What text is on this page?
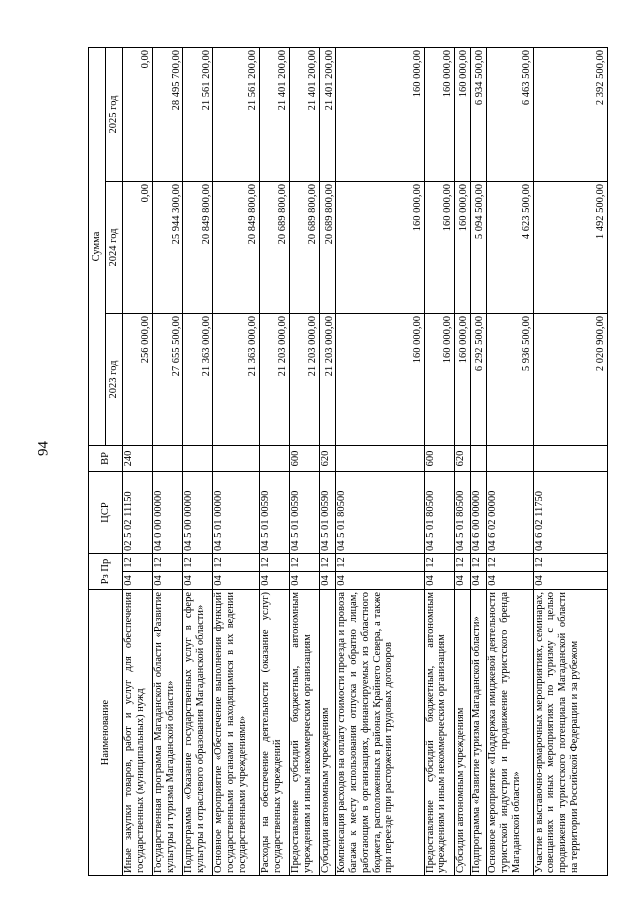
94
Наименование	Рз Пр		ЦСР	ВР	Сумма		
					2023 год	2024 год	2025 год
Иные закупки товаров, работ и услуг для обеспечения государственных (муниципальных) нужд	04	12	02 5 02 11150	240	256 000,00	0,00	0,00
Государственная программа Магаданской области «Развитие культуры и туризма Магаданской области»	04	12	04 0 00 00000		27 655 500,00	25 944 300,00	28 495 700,00
Подпрограмма «Оказание государственных услуг в сфере культуры и отраслевого образования Магаданской области»	04	12	04 5 00 00000		21 363 000,00	20 849 800,00	21 561 200,00
Основное мероприятие «Обеспечение выполнения функций государственными органами и находящимися в их ведении государственными учреждениями»	04	12	04 5 01 00000		21 363 000,00	20 849 800,00	21 561 200,00
Расходы на обеспечение деятельности (оказание услуг) государственных учреждений	04	12	04 5 01 00590		21 203 000,00	20 689 800,00	21 401 200,00
Предоставление субсидий бюджетным, автономным учреждениям и иным некоммерческим организациям	04	12	04 5 01 00590	600	21 203 000,00	20 689 800,00	21 401 200,00
Субсидии автономным учреждениям	04	12	04 5 01 00590	620	21 203 000,00	20 689 800,00	21 401 200,00
Компенсация расходов на оплату стоимости проезда и провоза багажа к месту использования отпуска и обратно лицам, работающим в организациях, финансируемых из областного бюджета, расположенных в районах Крайнего Севера, а также при переезде при расторжении трудовых договоров	04	12	04 5 01 80500		160 000,00	160 000,00	160 000,00
Предоставление субсидий бюджетным, автономным учреждениям и иным некоммерческим организациям	04	12	04 5 01 80500	600	160 000,00	160 000,00	160 000,00
Субсидии автономным учреждениям	04	12	04 5 01 80500	620	160 000,00	160 000,00	160 000,00
Подпрограмма «Развитие туризма Магаданской области»	04	12	04 6 00 00000		6 292 500,00	5 094 500,00	6 934 500,00
Основное мероприятие «Поддержка имиджевой деятельности туристской индустрии и продвижение туристского бренда Магаданской области»	04	12	04 6 02 00000		5 936 500,00	4 623 500,00	6 463 500,00
Участие в выставочно-ярмарочных мероприятиях, семинарах, совещаниях и иных мероприятиях по туризму с целью продвижения туристского потенциала Магаданской области на территории Российской Федерации и за рубежом	04	12	04 6 02 11750		2 020 900,00	1 492 500,00	2 392 500,00
